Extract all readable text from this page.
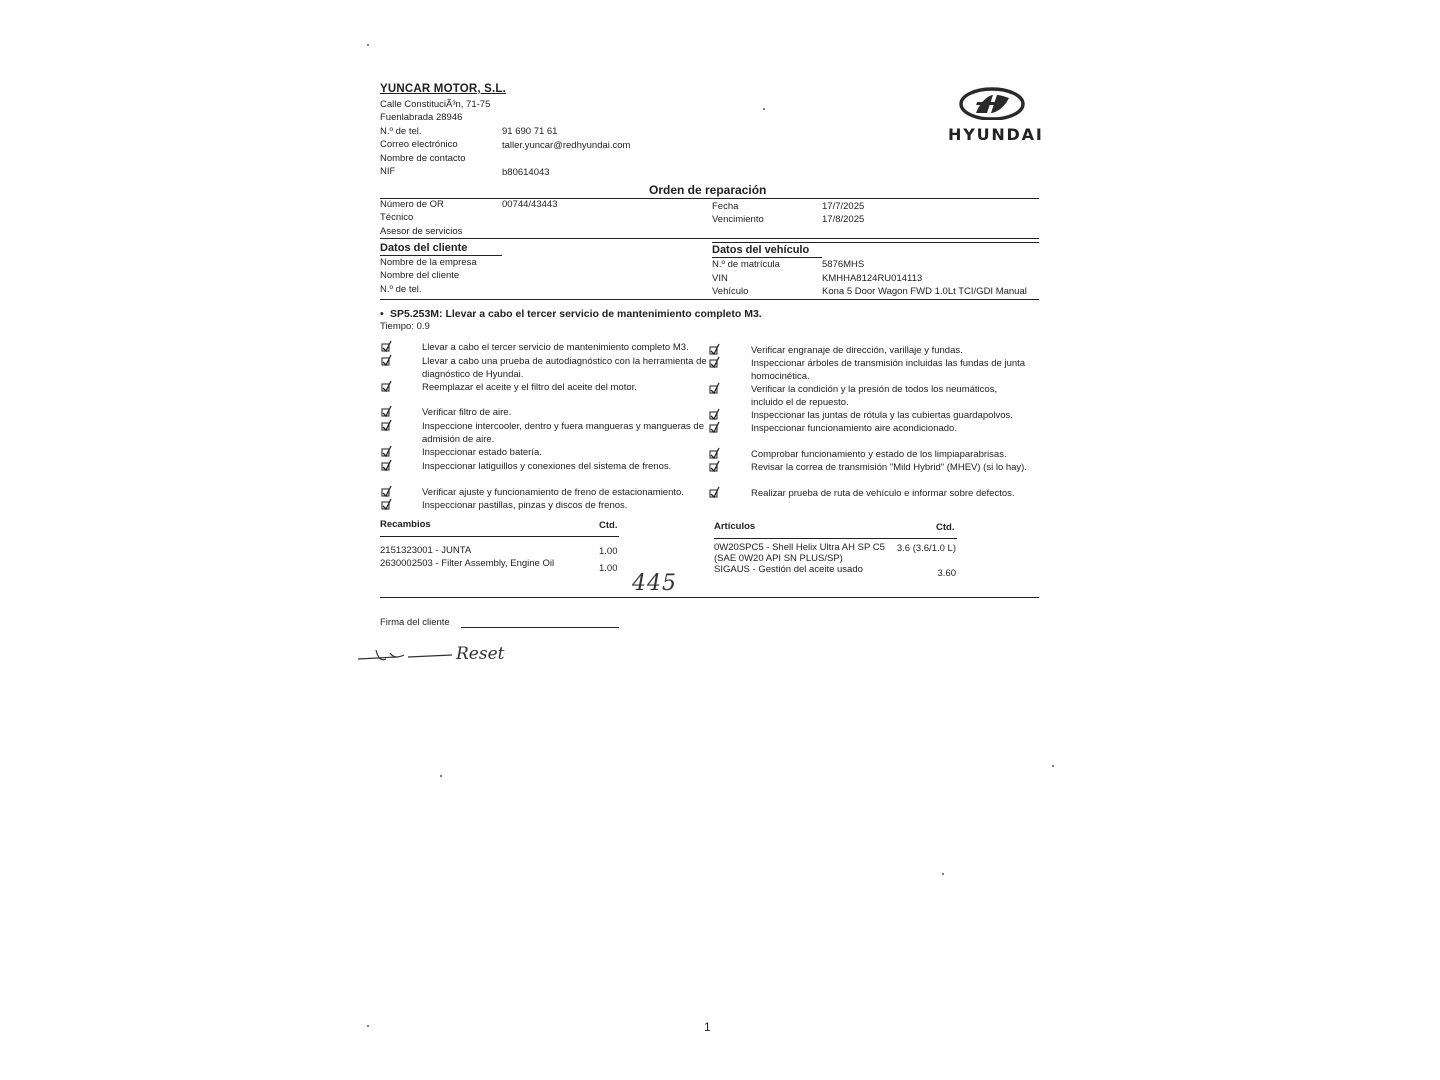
YUNCAR MOTOR, S.L.
Calle ConstituciÃ³n, 71-75
Fuenlabrada 28946
N.º de tel.	91 690 71 61
Correo electrónico	taller.yuncar@redhyundai.com
Nombre de contacto
NIF	b80614043
HYUNDAI
Orden de reparación
Número de OR	00744/43443	Fecha	17/7/2025
Técnico	Vencimiento	17/8/2025
Asesor de servicios
Datos del cliente
Nombre de la empresa
Nombre del cliente
N.º de tel.
Datos del vehículo
N.º de matrícula	5876MHS
VIN	KMHHA8124RU014113
Vehículo	Kona 5 Door Wagon FWD 1.0Lt TCI/GDI Manual
• SP5.253M: Llevar a cabo el tercer servicio de mantenimiento completo M3.
Tiempo: 0.9
Llevar a cabo el tercer servicio de mantenimiento completo M3.
Llevar a cabo una prueba de autodiagnóstico con la herramienta de diagnóstico de Hyundai.
Reemplazar el aceite y el filtro del aceite del motor.
Verificar filtro de aire.
Inspeccione intercooler, dentro y fuera mangueras y mangueras de admisión de aire.
Inspeccionar estado batería.
Inspeccionar latiguillos y conexiones del sistema de frenos.
Verificar ajuste y funcionamiento de freno de estacionamiento.
Inspeccionar pastillas, pinzas y discos de frenos.
Verificar engranaje de dirección, varillaje y fundas.
Inspeccionar árboles de transmisión incluidas las fundas de junta homocinética.
Verificar la condición y la presión de todos los neumáticos, incluido el de repuesto.
Inspeccionar las juntas de rótula y las cubiertas guardapolvos.
Inspeccionar funcionamiento aire acondicionado.
Comprobar funcionamiento y estado de los limpiaparabrisas.
Revisar la correa de transmisión "Mild Hybrid" (MHEV) (si lo hay).
Realizar prueba de ruta de vehículo e informar sobre defectos.
Recambios	Ctd.
2151323001 - JUNTA	1.00
2630002503 - Filter Assembly, Engine Oil	1.00
Artículos	Ctd.
0W20SPC5 - Shell Helix Ultra AH SP C5 (SAE 0W20 API SN PLUS/SP)
3.6 (3.6/1.0 L)
SIGAUS - Gestión del aceite usado	3.60
445
Firma del cliente
Reset
1
